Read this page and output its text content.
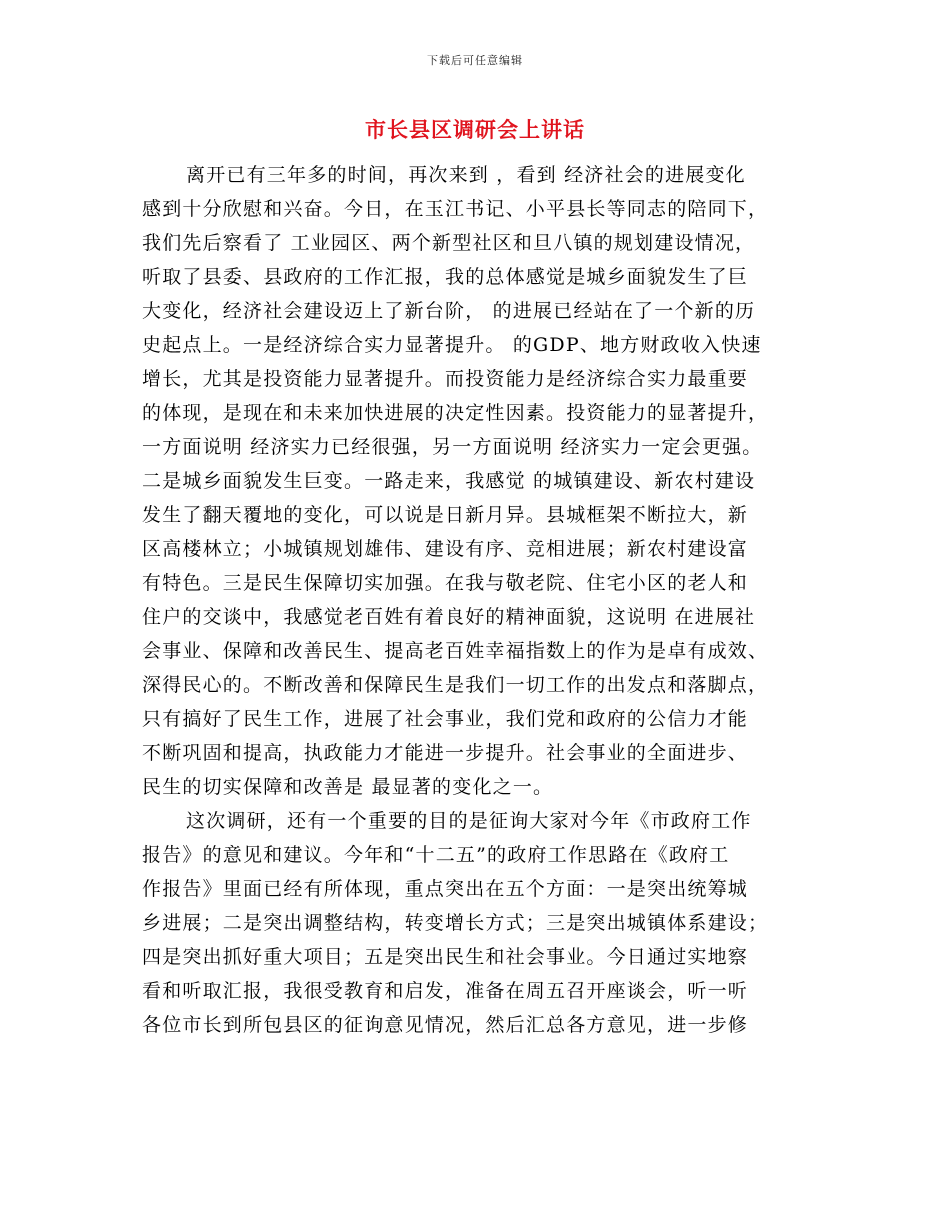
下载后可任意编辑
市长县区调研会上讲话
离开已有三年多的时间，再次来到 ，看到 经济社会的进展变化
感到十分欣慰和兴奋。今日，在玉江书记、小平县长等同志的陪同下，
我们先后察看了 工业园区、两个新型社区和旦八镇的规划建设情况，
听取了县委、县政府的工作汇报，我的总体感觉是城乡面貌发生了巨
大变化，经济社会建设迈上了新台阶， 的进展已经站在了一个新的历
史起点上。一是经济综合实力显著提升。 的GDP、地方财政收入快速
增长，尤其是投资能力显著提升。而投资能力是经济综合实力最重要
的体现，是现在和未来加快进展的决定性因素。投资能力的显著提升，
一方面说明 经济实力已经很强，另一方面说明 经济实力一定会更强。
二是城乡面貌发生巨变。一路走来，我感觉 的城镇建设、新农村建设
发生了翻天覆地的变化，可以说是日新月异。县城框架不断拉大，新
区高楼林立；小城镇规划雄伟、建设有序、竞相进展；新农村建设富
有特色。三是民生保障切实加强。在我与敬老院、住宅小区的老人和
住户的交谈中，我感觉老百姓有着良好的精神面貌，这说明 在进展社
会事业、保障和改善民生、提高老百姓幸福指数上的作为是卓有成效、
深得民心的。不断改善和保障民生是我们一切工作的出发点和落脚点，
只有搞好了民生工作，进展了社会事业，我们党和政府的公信力才能
不断巩固和提高，执政能力才能进一步提升。社会事业的全面进步、
民生的切实保障和改善是 最显著的变化之一。
这次调研，还有一个重要的目的是征询大家对今年《市政府工作
报告》的意见和建议。今年和“十二五”的政府工作思路在《政府工
作报告》里面已经有所体现，重点突出在五个方面：一是突出统筹城
乡进展；二是突出调整结构，转变增长方式；三是突出城镇体系建设；
四是突出抓好重大项目；五是突出民生和社会事业。今日通过实地察
看和听取汇报，我很受教育和启发，准备在周五召开座谈会，听一听
各位市长到所包县区的征询意见情况，然后汇总各方意见，进一步修
